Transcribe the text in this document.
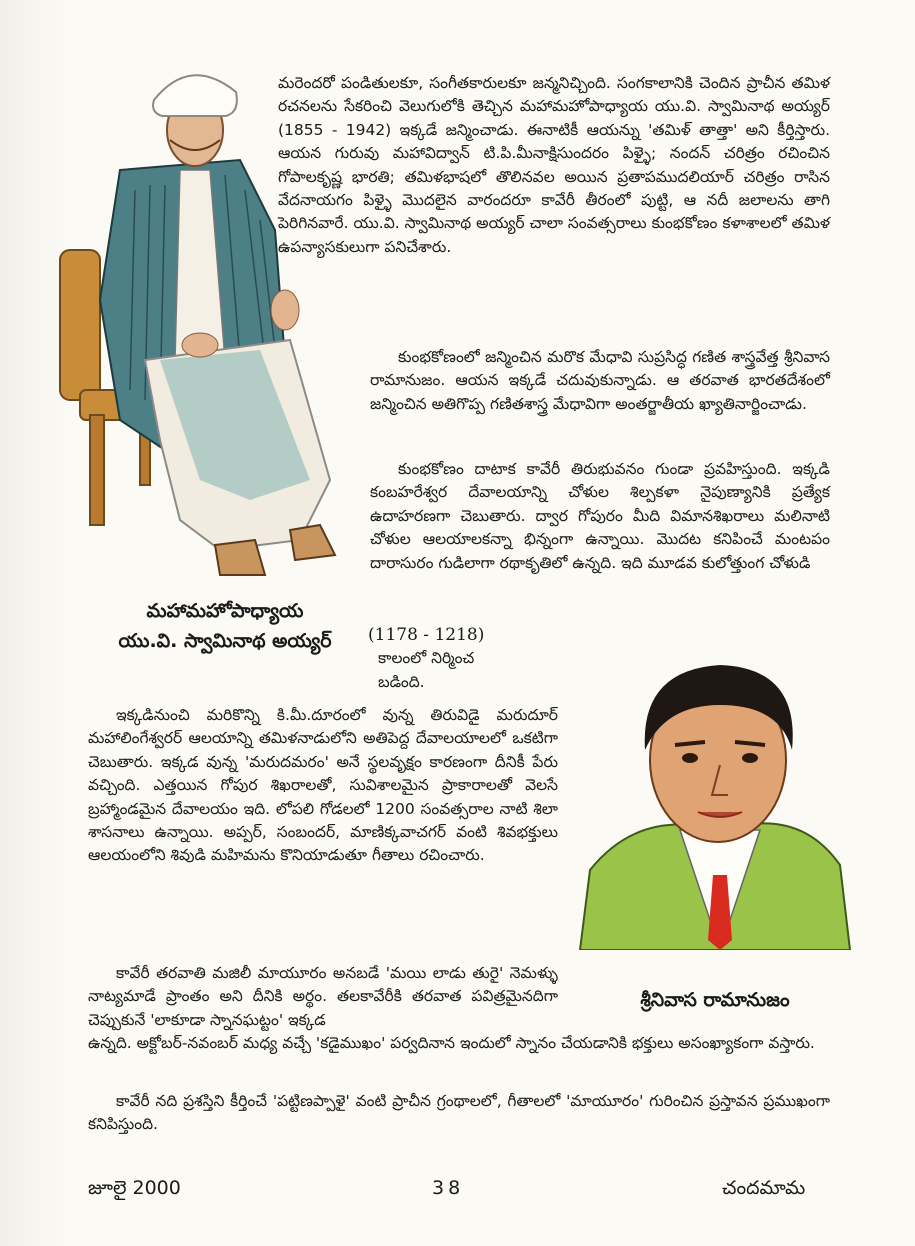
మరెందరో పండితులకూ, సంగీతకారులకూ జన్మనిచ్చింది. సంగకాలానికి చెందిన ప్రాచీన తమిళ రచనలను సేకరించి వెలుగులోకి తెచ్చిన మహామహోపాధ్యాయ యు.వి. స్వామినాథ అయ్యర్ (1855 - 1942) ఇక్కడే జన్మించాడు. ఈనాటికీ ఆయన్ను 'తమిళ్ తాత్తా' అని కీర్తిస్తారు. ఆయన గురువు మహావిద్వాన్ టి.పి.మీనాక్షిసుందరం పిళ్ళై; నందన్ చరిత్రం రచించిన గోపాలకృష్ణ భారతి; తమిళభాషలో తొలినవల అయిన ప్రతాపముదలియార్ చరిత్రం రాసిన వేదనాయగం పిళ్ళై మొదలైన వారందరూ కావేరీ తీరంలో పుట్టి, ఆ నదీ జలాలను తాగి పెరిగినవారే. యు.వి. స్వామినాథ అయ్యర్ చాలా సంవత్సరాలు కుంభకోణం కళాశాలలో తమిళ ఉపన్యాసకులుగా పనిచేశారు.

కుంభకోణంలో జన్మించిన మరొక మేధావి సుప్రసిద్ధ గణిత శాస్త్రవేత్త శ్రీనివాస రామానుజం. ఆయన ఇక్కడే చదువుకున్నాడు. ఆ తరవాత భారతదేశంలో జన్మించిన అతిగొప్ప గణితశాస్త్ర మేధావిగా అంతర్జాతీయ ఖ్యాతినార్జించాడు.

కుంభకోణం దాటాక కావేరీ తిరుభువనం గుండా ప్రవహిస్తుంది. ఇక్కడి కంబహరేశ్వర దేవాలయాన్ని చోళుల శిల్పకళా నైపుణ్యానికి ప్రత్యేక ఉదాహరణగా చెబుతారు. ద్వార గోపురం మీది విమానశిఖరాలు మలినాటి చోళుల ఆలయాలకన్నా భిన్నంగా ఉన్నాయి. మొదట కనిపించే మంటపం దారాసురం గుడిలాగా రథాకృతిలో ఉన్నది. ఇది మూడవ కులోత్తుంగ చోళుడి

(1178 - 1218)

కాలంలో నిర్మించ

బడింది.

మహామహోపాధ్యాయ
యు.వి. స్వామినాథ అయ్యర్
శ్రీనివాస రామానుజం

ఇక్కడినుంచి మరికొన్ని కి.మీ.దూరంలో వున్న తిరువిడై మరుదూర్ మహాలింగేశ్వరర్ ఆలయాన్ని తమిళనాడులోని అతిపెద్ద దేవాలయాలలో ఒకటిగా చెబుతారు. ఇక్కడ వున్న 'మరుదమరం' అనే స్థలవృక్షం కారణంగా దీనికీ పేరు వచ్చింది. ఎత్తయిన గోపుర శిఖరాలతో, సువిశాలమైన ప్రాకారాలతో వెలసే బ్రహ్మాండమైన దేవాలయం ఇది. లోపలి గోడలలో 1200 సంవత్సరాల నాటి శిలా శాసనాలు ఉన్నాయి. అప్పర్, సంబందర్, మాణిక్కవాచగర్ వంటి శివభక్తులు ఆలయంలోని శివుడి మహిమను కొనియాడుతూ గీతాలు రచించారు.

కావేరీ తరవాతి మజిలీ మాయూరం అనబడే 'మయి లాడు తురై' నెమళ్ళు నాట్యమాడే ప్రాంతం అని దీనికి అర్థం. తలకావేరీకి తరవాత పవిత్రమైనదిగా చెప్పుకునే 'లాకూడా స్నానఘట్టం' ఇక్కడ

ఉన్నది. అక్టోబర్-నవంబర్ మధ్య వచ్చే 'కడైముఖం' పర్వదినాన ఇందులో స్నానం చేయడానికి భక్తులు అసంఖ్యాకంగా వస్తారు.

కావేరీ నది ప్రశస్తిని కీర్తించే 'పట్టిణప్పాళై' వంటి ప్రాచీన గ్రంథాలలో, గీతాలలో 'మాయూరం' గురించిన ప్రస్తావన ప్రముఖంగా కనిపిస్తుంది.

జూలై 2000	38	చందమామ
